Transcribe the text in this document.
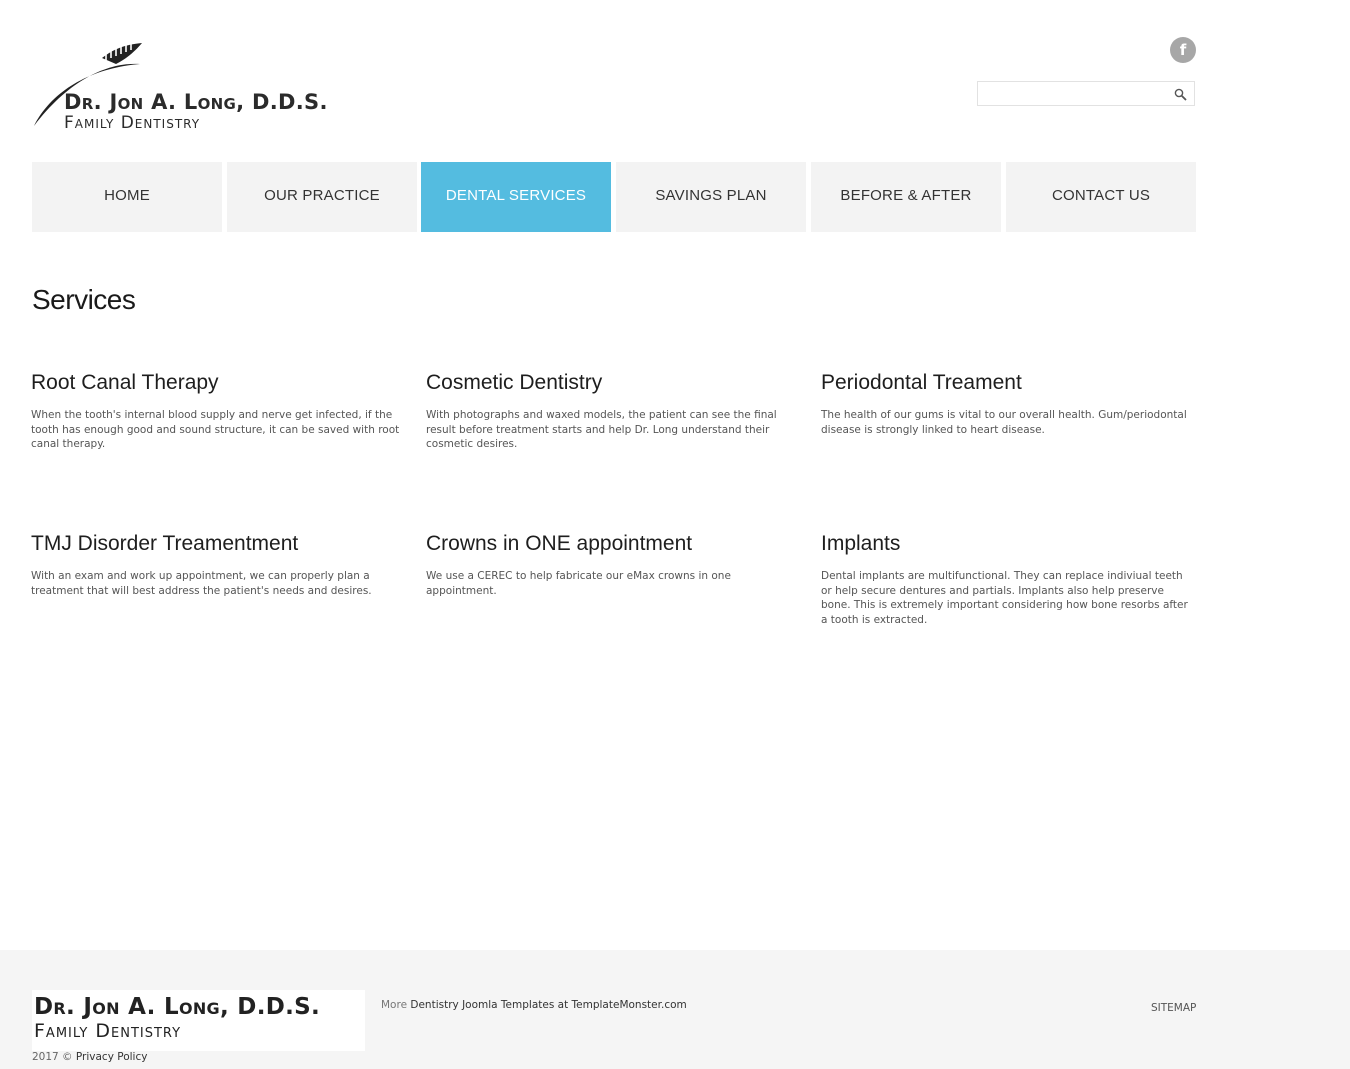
Dr. Jon A. Long, D.D.S.
Family Dentistry
f
HOME	OUR PRACTICE	DENTAL SERVICES	SAVINGS PLAN	BEFORE & AFTER	CONTACT US
Services
Root Canal Therapy

When the tooth's internal blood supply and nerve get infected, if the tooth has enough good and sound structure, it can be saved with root canal therapy.

Cosmetic Dentistry

With photographs and waxed models, the patient can see the final result before treatment starts and help Dr. Long understand their cosmetic desires.

Periodontal Treament

The health of our gums is vital to our overall health. Gum/periodontal disease is strongly linked to heart disease.

TMJ Disorder Treamentment

With an exam and work up appointment, we can properly plan a treatment that will best address the patient's needs and desires.

Crowns in ONE appointment

We use a CEREC to help fabricate our eMax crowns in one appointment.

Implants

Dental implants are multifunctional. They can replace indiviual teeth or help secure dentures and partials. Implants also help preserve bone. This is extremely important considering how bone resorbs after a tooth is extracted.

Dr. Jon A. Long, D.D.S.
Family Dentistry
2017 © Privacy Policy
More Dentistry Joomla Templates at TemplateMonster.com	SITEMAP
